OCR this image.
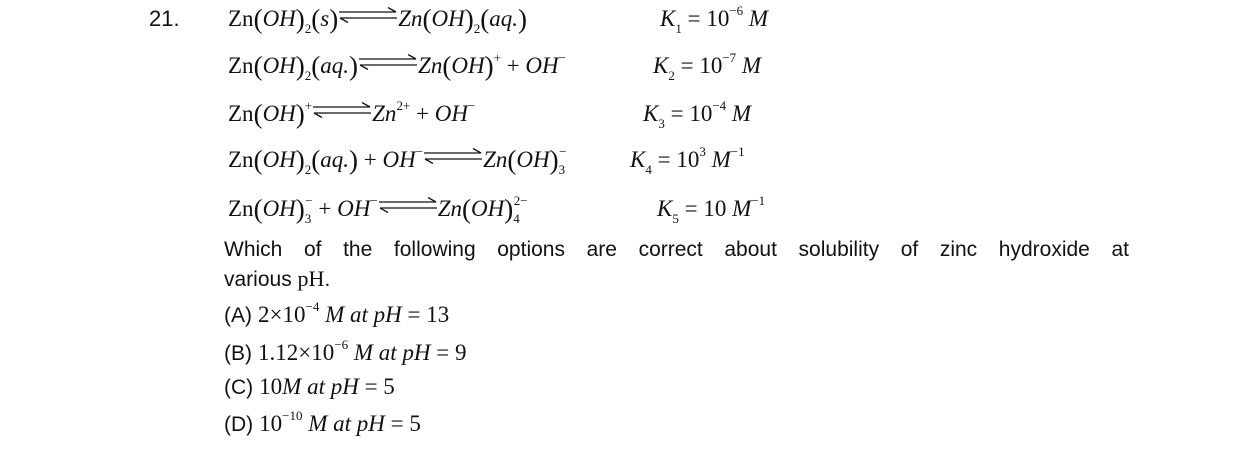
21. $Zn(OH)_2(s)\rightleftharpoons Zn(OH)_2(aq.)$	$K_1 = 10^{-6}$ M
$Zn(OH)_2(aq.)\rightleftharpoons Zn(OH)^+ + OH^-$	$K_2 = 10^{-7}$ M
$Zn(OH)^+\rightleftharpoons Zn^{2+} + OH^-$	$K_3 = 10^{-4}$ M
$Zn(OH)_2(aq.)$ + $OH^-\rightleftharpoons Zn(OH)_3^-$	$K_4 = 10^3$ $M^{-1}$
$Zn(OH)_3^-$ + $OH^-\rightleftharpoons Zn(OH)_4^{2-}$	$K_5 = 10$ $M^{-1}$
Which of the following options are correct about solubility of zinc hydroxide at
various pH.
(A) $2\times 10^{-4}$ M at pH = 13
(B) $1.12\times 10^{-6}$ M at pH = 9
(C) 10M at pH = 5
(D) $10^{-10}$ M at pH = 5
